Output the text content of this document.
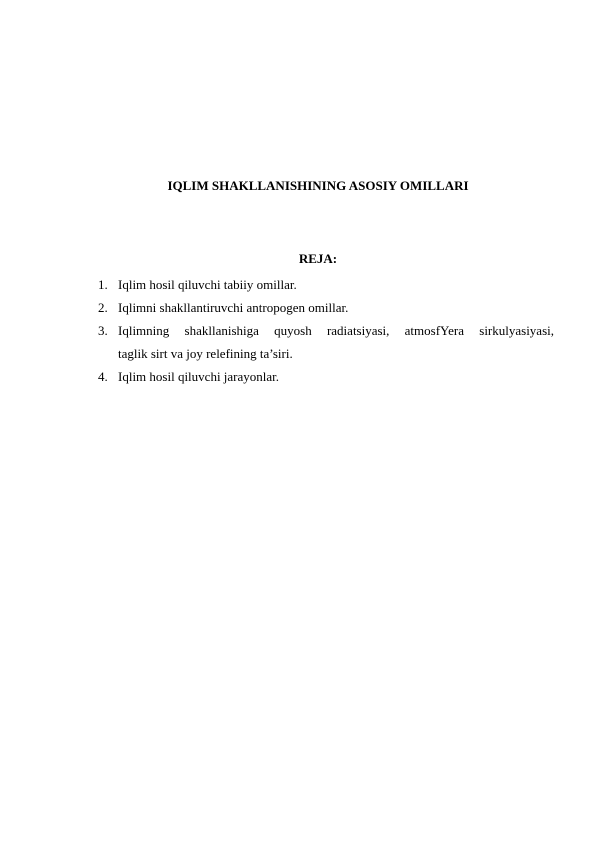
IQLIM SHAKLLANISHINING ASOSIY OMILLARI
REJA:
1. Iqlim hosil qiluvchi tabiiy omillar.
2. Iqlimni shakllantiruvchi antropogen omillar.
3. Iqlimning shakllanishiga quyosh radiatsiyasi, atmosfYera sirkulyasiyasi,
taglik sirt va joy relefining ta’siri.
4. Iqlim hosil qiluvchi jarayonlar.
